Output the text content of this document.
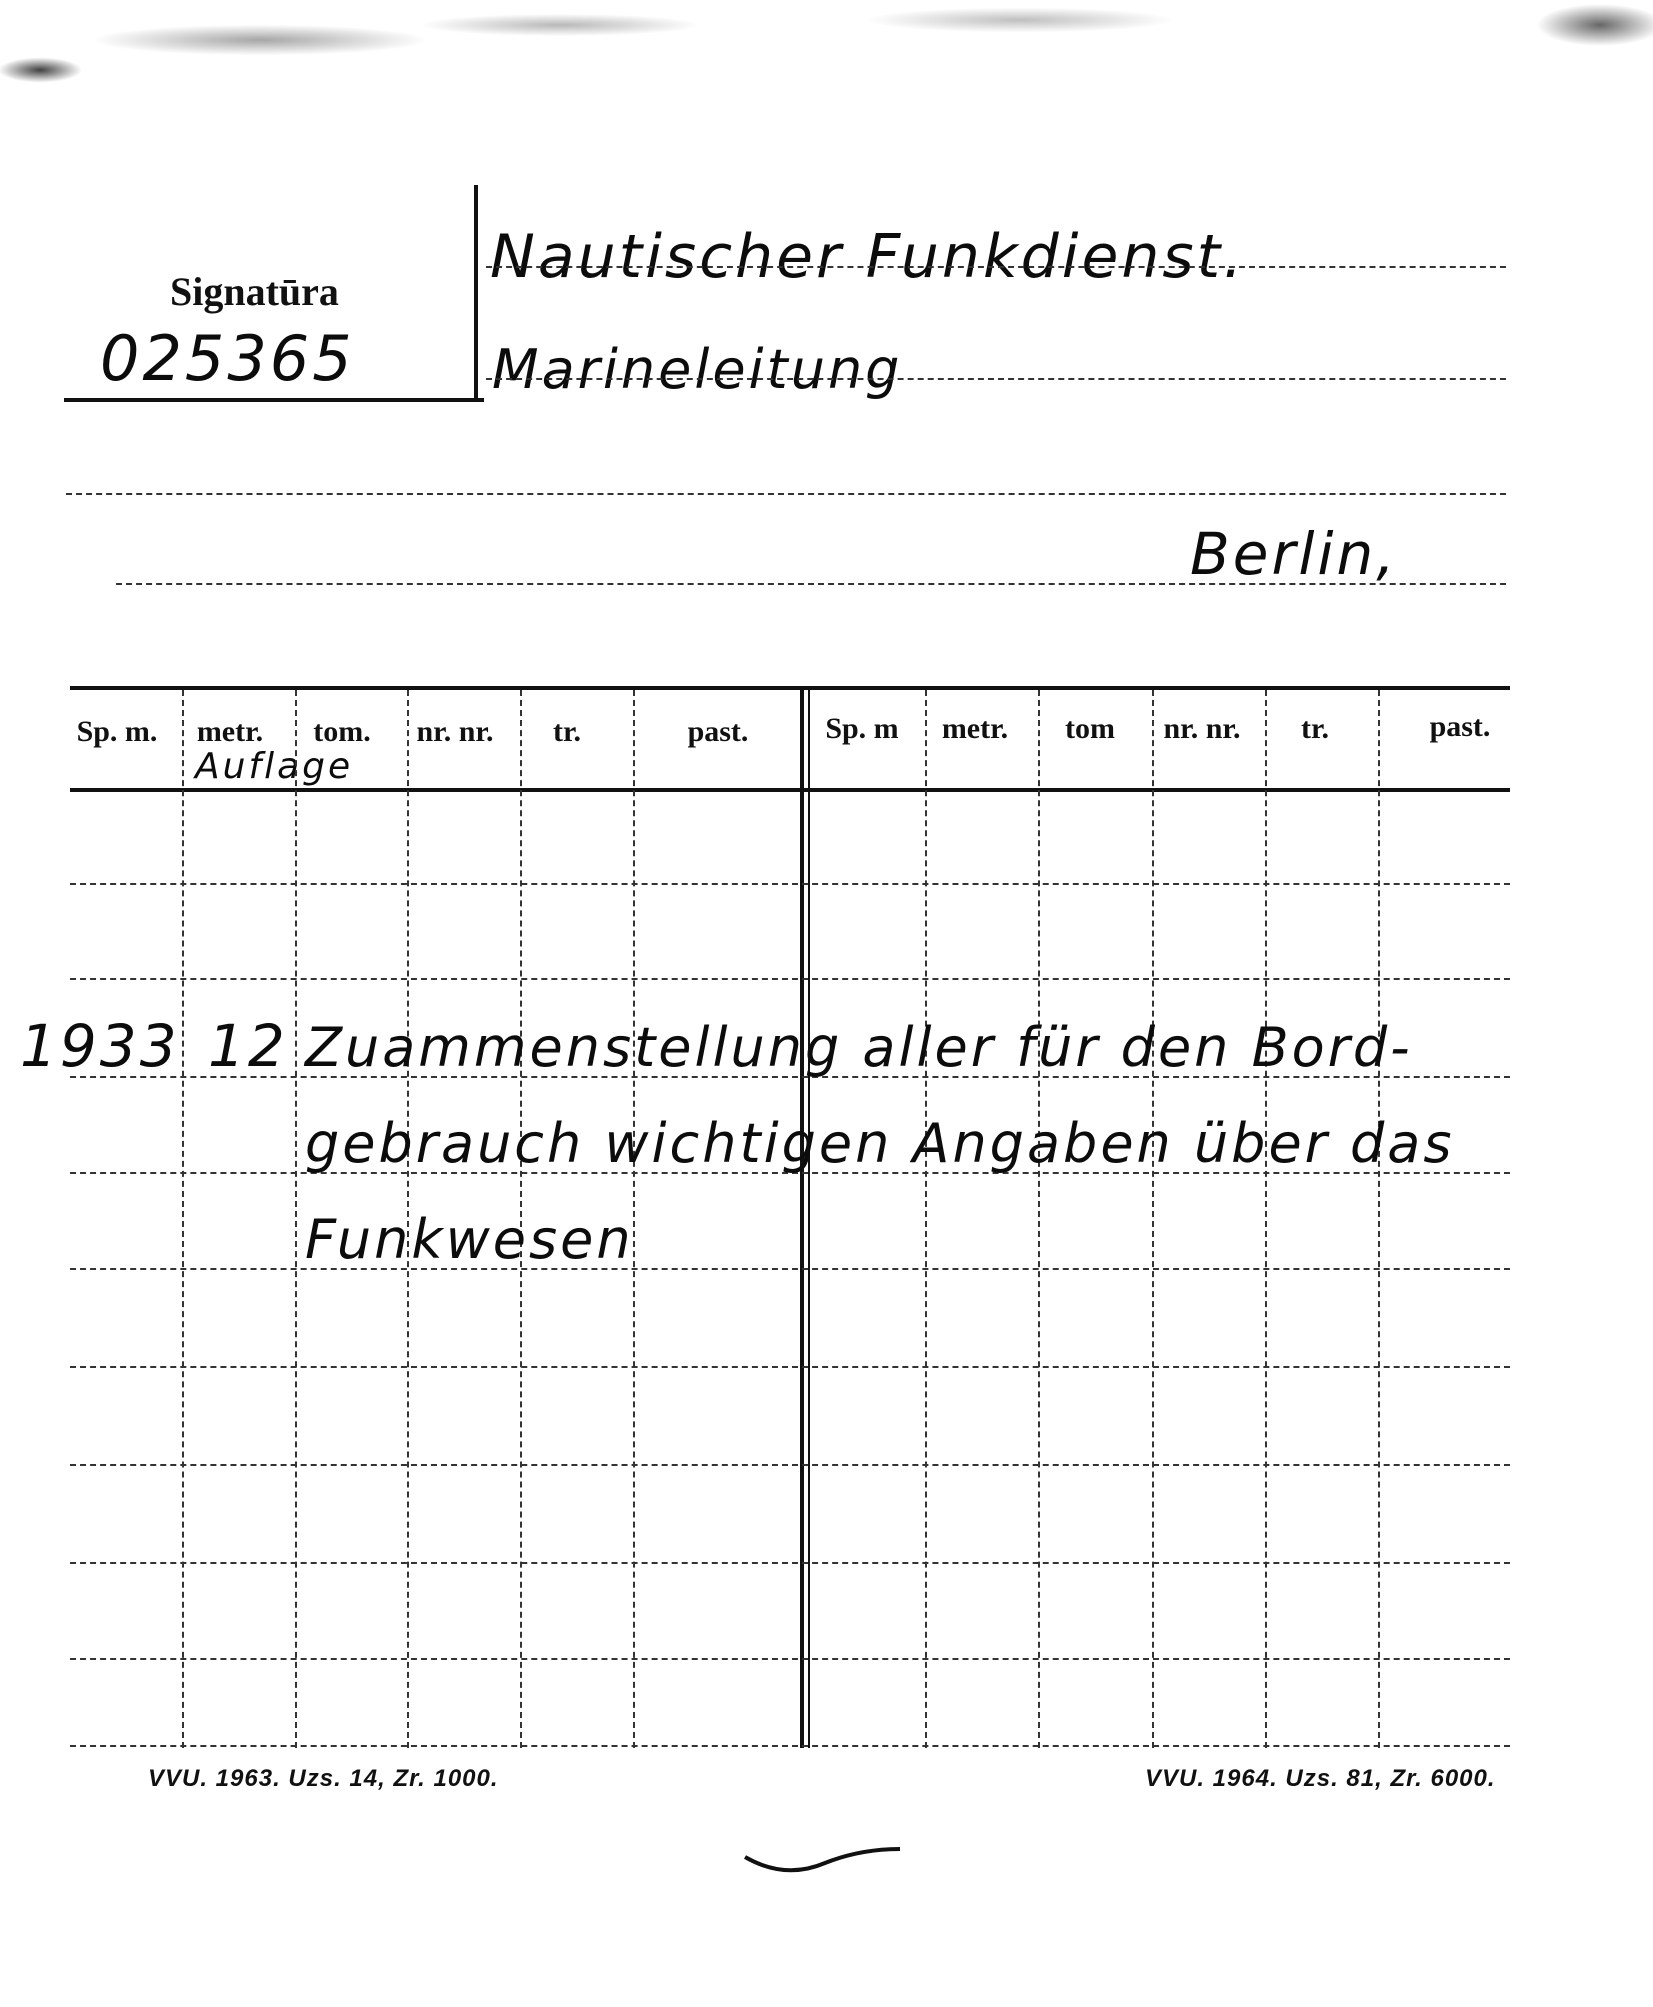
Signatūra
025365
Nautischer Funkdienst.
Marineleitung
Berlin,
Sp. m.	metr.	tom.	nr. nr.	tr.	past.	Sp. m	metr.	tom	nr. nr.	tr.	past.
Auflage
1933 12 Zuammenstellung aller für den Bord-
gebrauch wichtigen Angaben über das
Funkwesen
VVU. 1963. Uzs. 14, Zr. 1000.	VVU. 1964. Uzs. 81, Zr. 6000.
